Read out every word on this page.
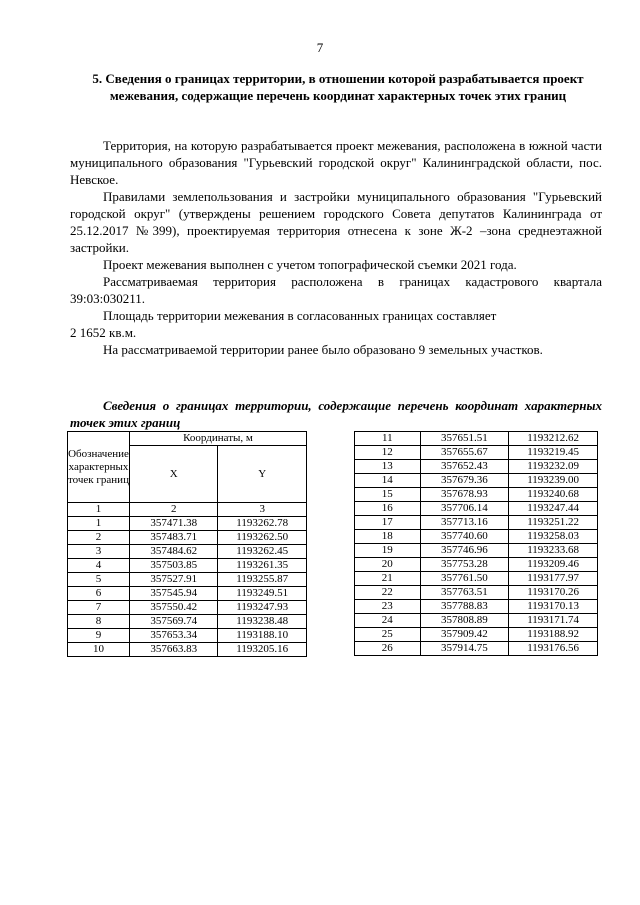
7
5. Сведения о границах территории, в отношении которой разрабатывается проект межевания, содержащие перечень координат характерных точек этих границ

Территория, на которую разрабатывается проект межевания, расположена в южной части муниципального образования "Гурьевский городской округ" Калининградской области, пос. Невское.

Правилами землепользования и застройки муниципального образования "Гурьевский городской округ" (утверждены решением городского Совета депутатов Калининграда от 25.12.2017 №399), проектируемая территория отнесена к зоне Ж-2 –зона среднеэтажной застройки.

Проект межевания выполнен с учетом топографической съемки 2021 года.

Рассматриваемая территория расположена в границах кадастрового квартала 39:03:030211.

Площадь территории межевания в согласованных границах составляет

2 1652 кв.м.

На рассматриваемой территории ранее было образовано 9 земельных участков.

Сведения о границах территории, содержащие перечень координат характерных точек этих границ
Обозначение характерных точек границ	Координаты, м	
	X	Y
1	2	3
1	357471.38	1193262.78
2	357483.71	1193262.50
3	357484.62	1193262.45
4	357503.85	1193261.35
5	357527.91	1193255.87
6	357545.94	1193249.51
7	357550.42	1193247.93
8	357569.74	1193238.48
9	357653.34	1193188.10
10	357663.83	1193205.16
11	357651.51	1193212.62
12	357655.67	1193219.45
13	357652.43	1193232.09
14	357679.36	1193239.00
15	357678.93	1193240.68
16	357706.14	1193247.44
17	357713.16	1193251.22
18	357740.60	1193258.03
19	357746.96	1193233.68
20	357753.28	1193209.46
21	357761.50	1193177.97
22	357763.51	1193170.26
23	357788.83	1193170.13
24	357808.89	1193171.74
25	357909.42	1193188.92
26	357914.75	1193176.56
